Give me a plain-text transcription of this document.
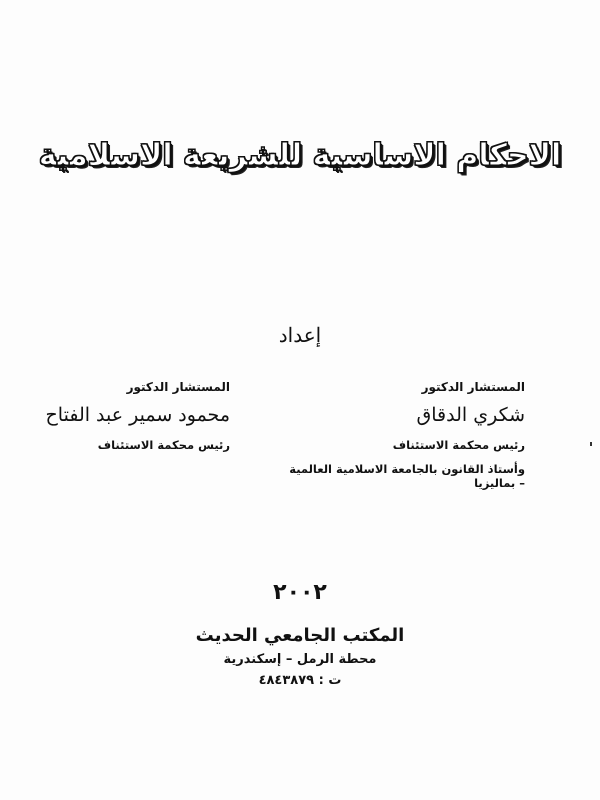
الاحكام الاساسية للشريعة الاسلامية
إعداد
المستشار الدكتور
شكري الدقاق
رئيس محكمة الاستئناف
وأستاذ القانون بالجامعة الاسلامية العالمية – بماليزيا
المستشار الدكتور
محمود سمير عبد الفتاح
رئيس محكمة الاستئناف
٢٠٠٢
المكتب الجامعي الحديث
محطة الرمل – إسكندرية
ت : ٤٨٤٣٨٧٩
